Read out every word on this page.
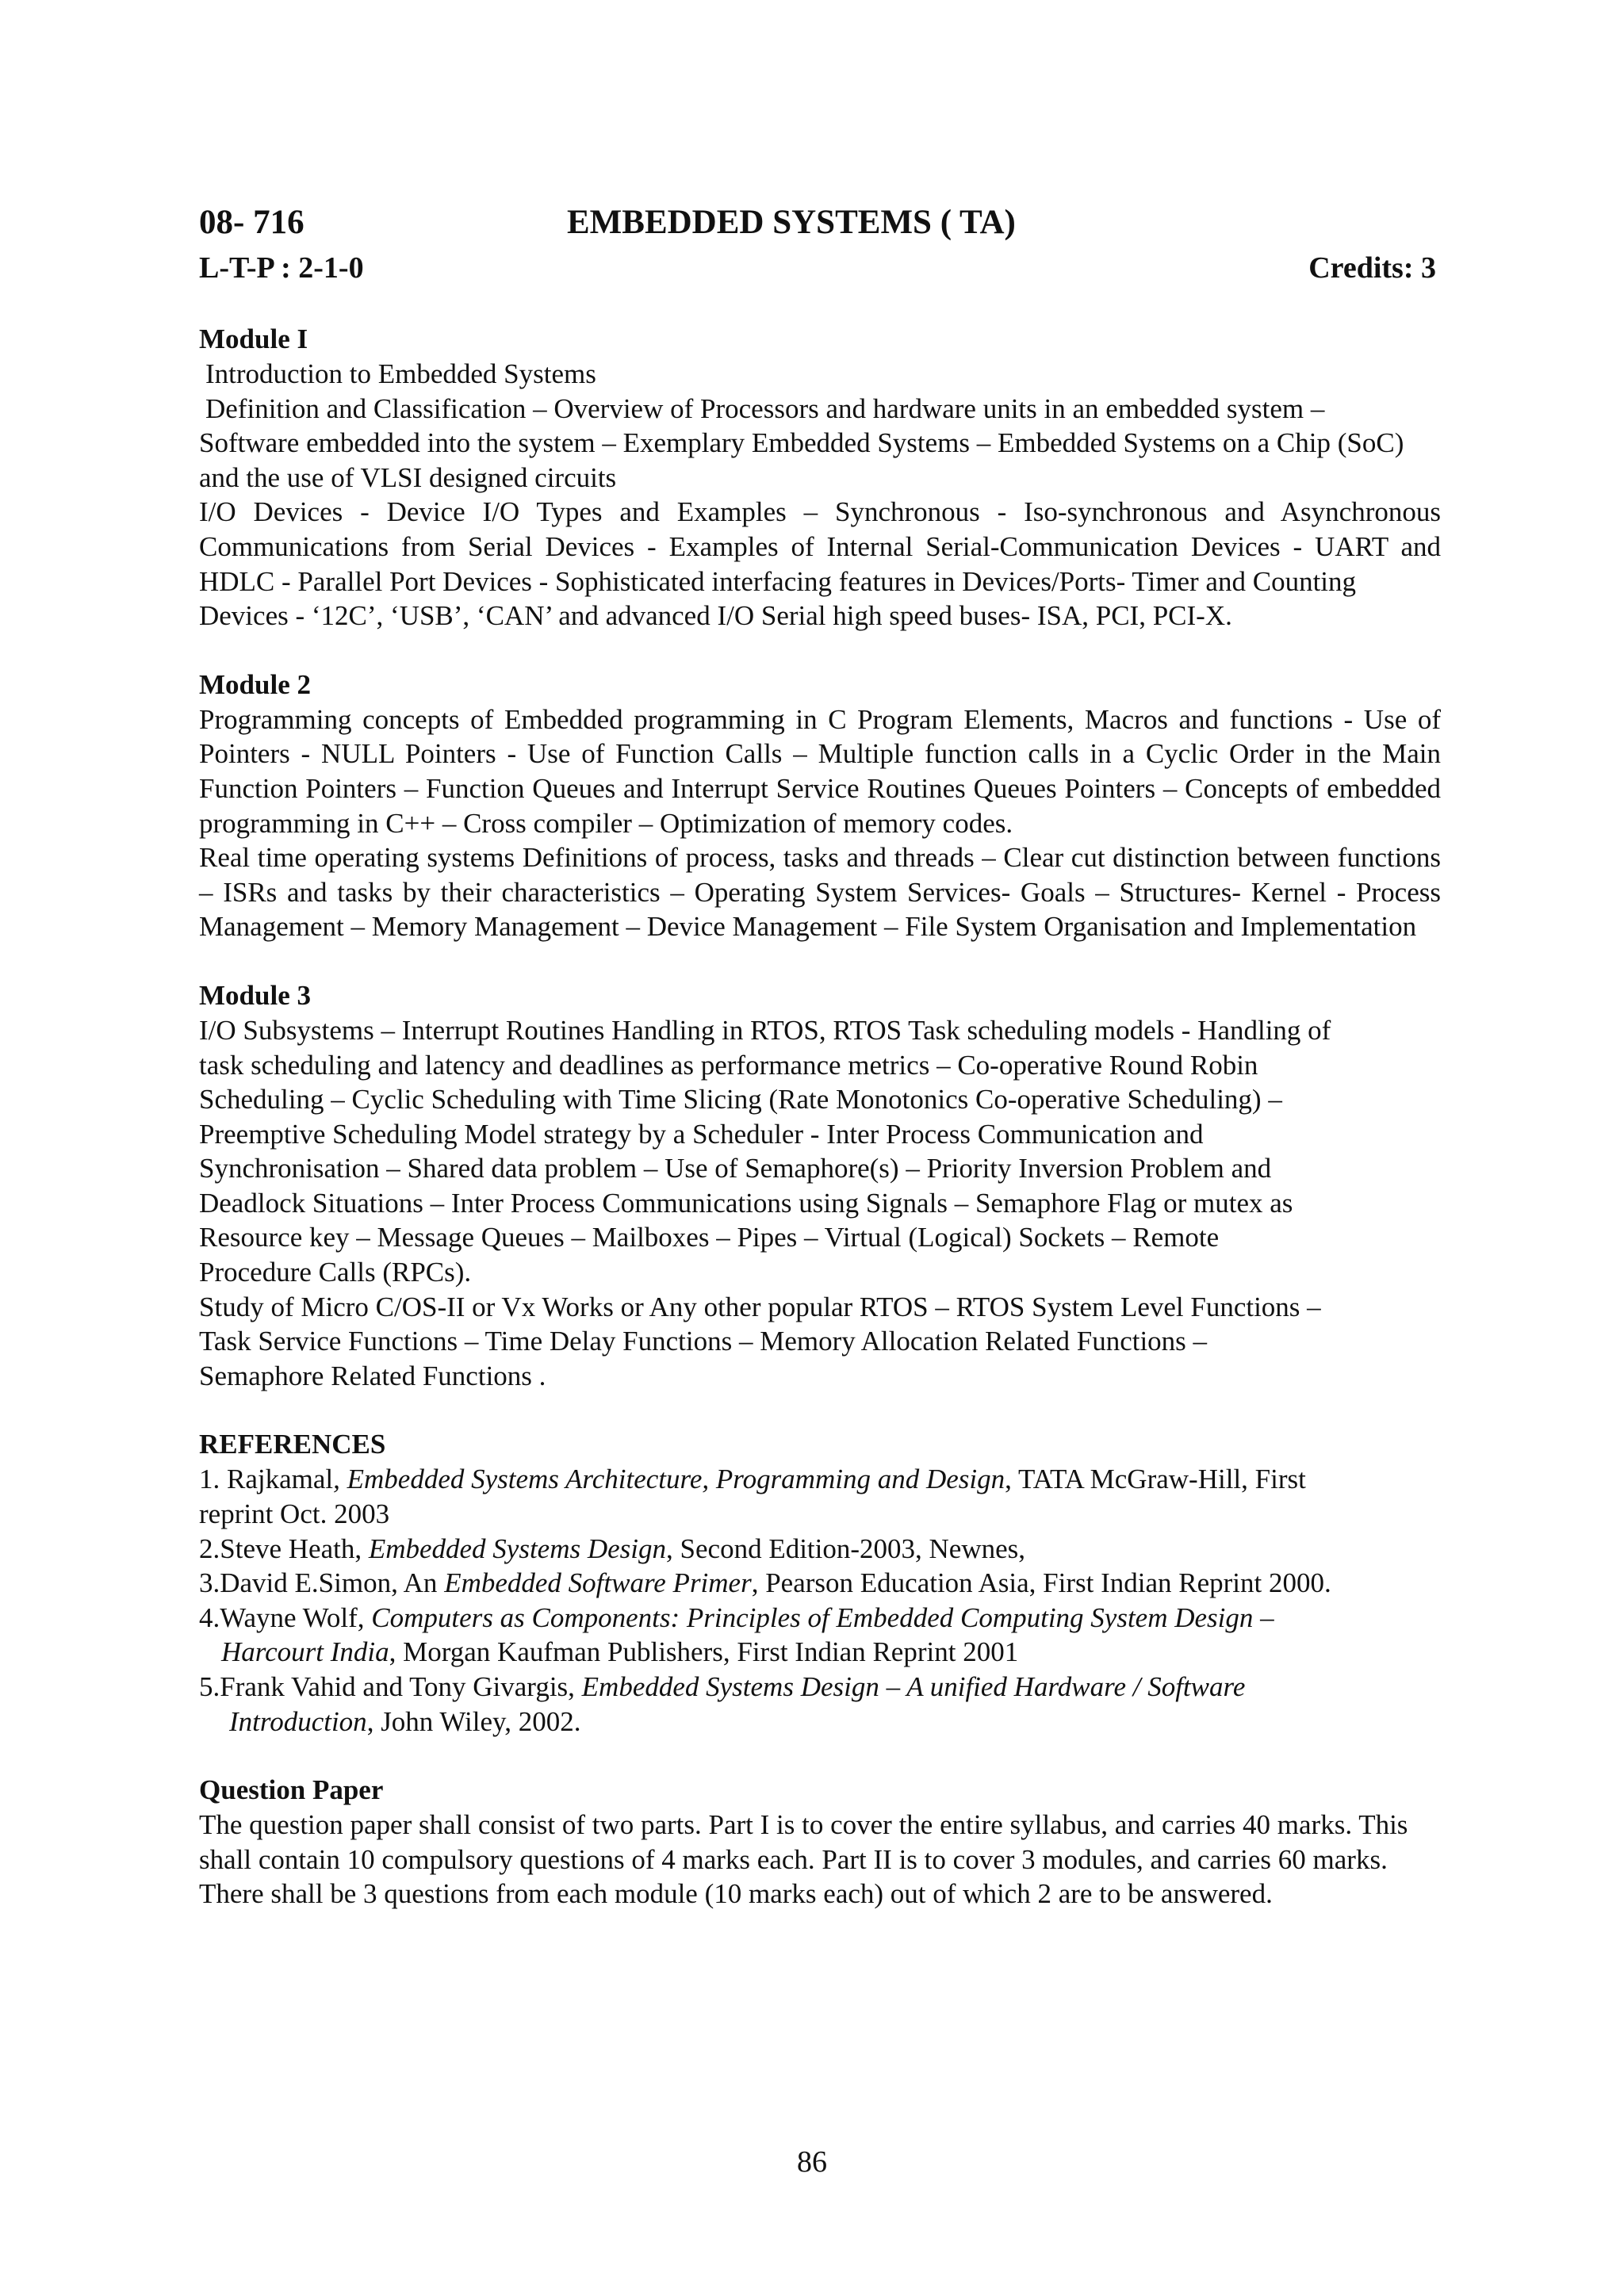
08- 716	EMBEDDED SYSTEMS ( TA)
L-T-P : 2-1-0	Credits: 3

Module I

Introduction to Embedded Systems

Definition and Classification – Overview of Processors and hardware units in an embedded system –

Software embedded into the system – Exemplary Embedded Systems – Embedded Systems on a Chip (SoC) and the use of VLSI designed circuits

I/O Devices - Device I/O Types and Examples – Synchronous - Iso-synchronous and Asynchronous Communications from Serial Devices - Examples of Internal Serial-Communication Devices - UART and HDLC - Parallel Port Devices - Sophisticated interfacing features in Devices/Ports- Timer and Counting

Devices - ‘12C’, ‘USB’, ‘CAN’ and advanced I/O Serial high speed buses- ISA, PCI, PCI-X.

Module 2

Programming concepts of Embedded programming in C Program Elements, Macros and functions - Use of Pointers - NULL Pointers - Use of Function Calls – Multiple function calls in a Cyclic Order in the Main Function Pointers – Function Queues and Interrupt Service Routines Queues Pointers – Concepts of embedded programming in C++ – Cross compiler – Optimization of memory codes.

Real time operating systems Definitions of process, tasks and threads – Clear cut distinction between functions – ISRs and tasks by their characteristics – Operating System Services- Goals – Structures- Kernel - Process Management – Memory Management – Device Management – File System Organisation and Implementation

Module 3

I/O Subsystems – Interrupt Routines Handling in RTOS, RTOS Task scheduling models - Handling of

task scheduling and latency and deadlines as performance metrics – Co-operative Round Robin

Scheduling – Cyclic Scheduling with Time Slicing (Rate Monotonics Co-operative Scheduling) –

Preemptive Scheduling Model strategy by a Scheduler - Inter Process Communication and

Synchronisation – Shared data problem – Use of Semaphore(s) – Priority Inversion Problem and

Deadlock Situations – Inter Process Communications using Signals – Semaphore Flag or mutex as

Resource key – Message Queues – Mailboxes – Pipes – Virtual (Logical) Sockets – Remote

Procedure Calls (RPCs).

Study of Micro C/OS-II or Vx Works or Any other popular RTOS – RTOS System Level Functions –

Task Service Functions – Time Delay Functions – Memory Allocation Related Functions –

Semaphore Related Functions .

REFERENCES

1. Rajkamal, Embedded Systems Architecture, Programming and Design, TATA McGraw-Hill, First

reprint Oct. 2003

2.Steve Heath, Embedded Systems Design, Second Edition-2003, Newnes,

3.David E.Simon, An Embedded Software Primer, Pearson Education Asia, First Indian Reprint 2000.

4.Wayne Wolf, Computers as Components: Principles of Embedded Computing System Design –

Harcourt India, Morgan Kaufman Publishers, First Indian Reprint 2001

5.Frank Vahid and Tony Givargis, Embedded Systems Design – A unified Hardware / Software

Introduction, John Wiley, 2002.

Question Paper

The question paper shall consist of two parts. Part I is to cover the entire syllabus, and carries 40 marks. This shall contain 10 compulsory questions of 4 marks each. Part II is to cover 3 modules, and carries 60 marks. There shall be 3 questions from each module (10 marks each) out of which 2 are to be answered.

86
